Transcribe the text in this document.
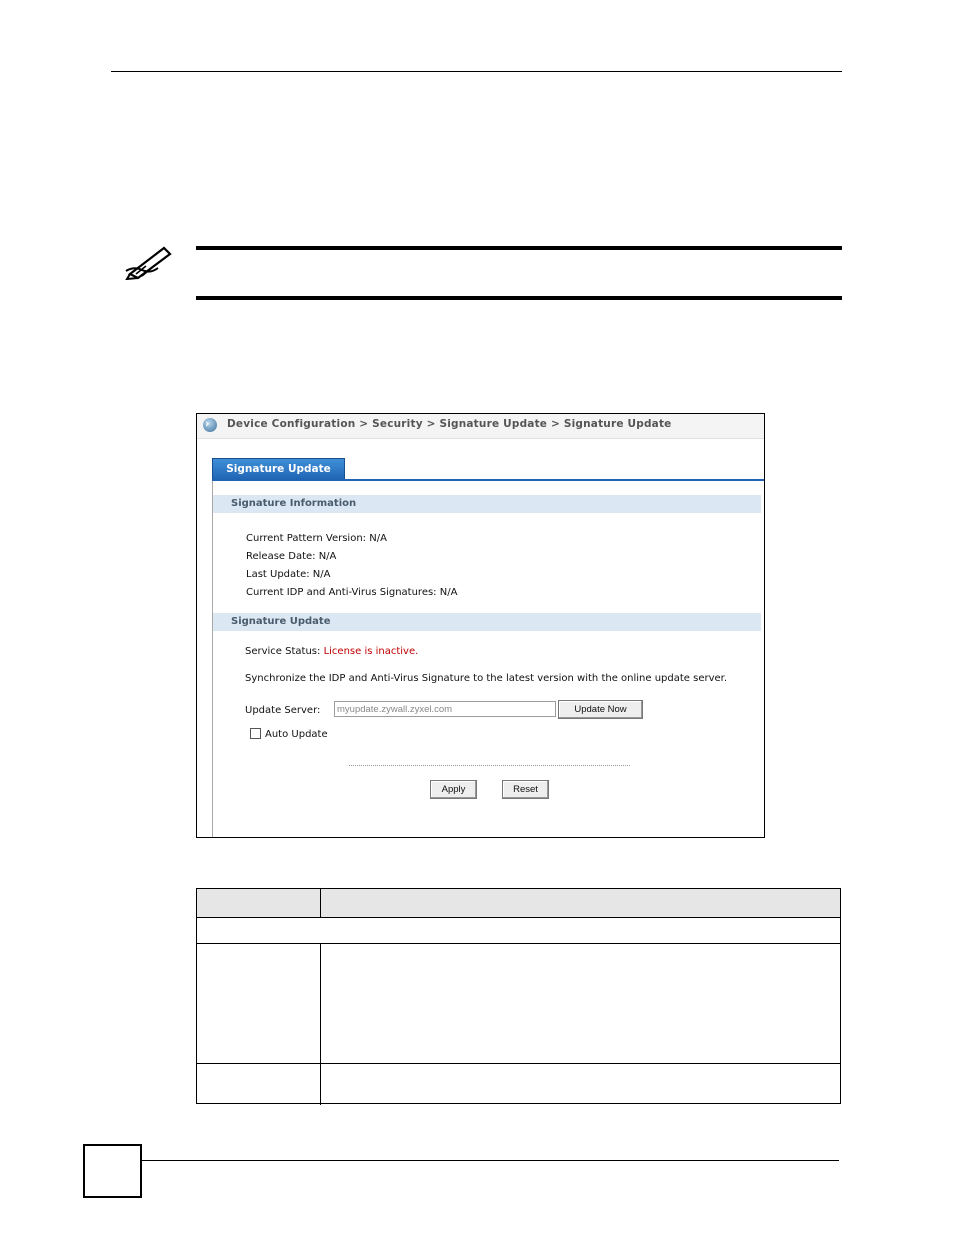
› Device Configuration > Security > Signature Update > Signature Update
Signature Update
Signature Information
Current Pattern Version: N/A
Release Date: N/A
Last Update: N/A
Current IDP and Anti-Virus Signatures: N/A
Signature Update
Service Status: License is inactive.
Synchronize the IDP and Anti-Virus Signature to the latest version with the online update server.
Update Server:	myupdate.zywall.zyxel.com	Update Now
Auto Update
Apply	Reset
